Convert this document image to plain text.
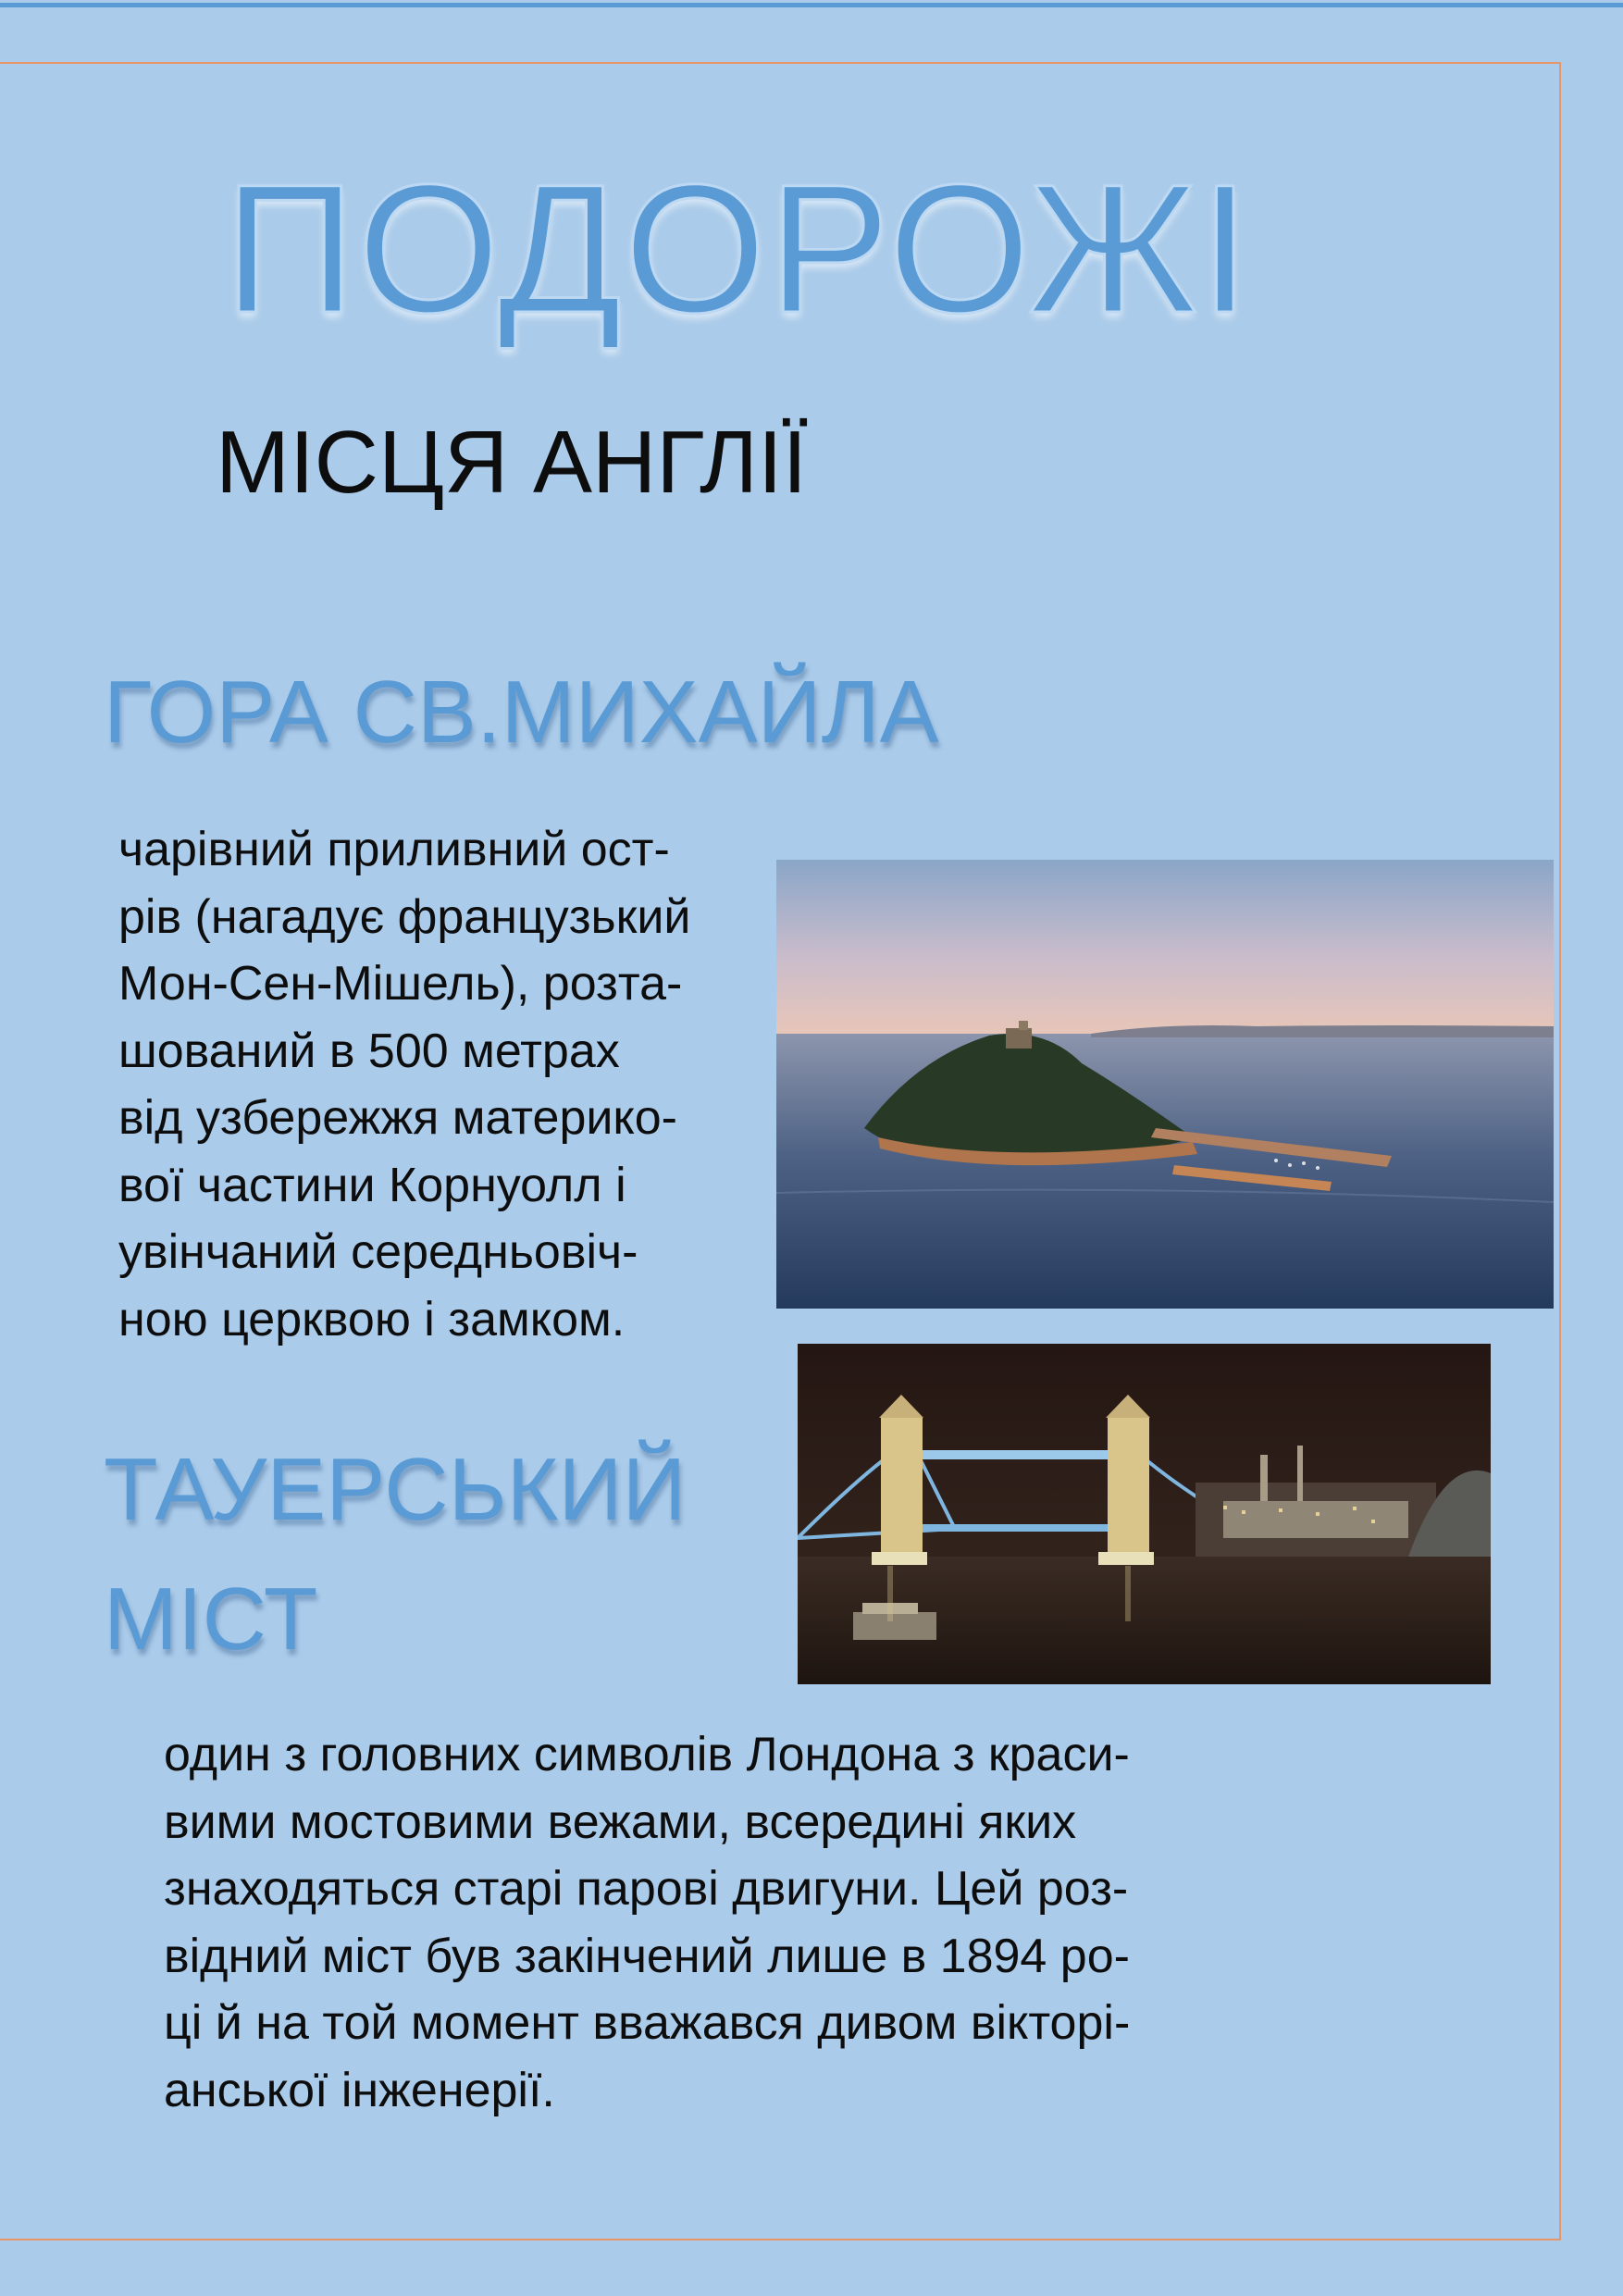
ПОДОРОЖІ
МІСЦЯ АНГЛІЇ
ГОРА СВ.МИХАЙЛА

чарівний приливний ост-
рів (нагадує французький
Мон-Сен-Мішель), розта-
шований в 500 метрах
від узбережжя материко-
вої частини Корнуолл і
увінчаний середньовіч-
ною церквою і замком.

ТАУЕРСЬКИЙ
МІСТ

один з головних символів Лондона з краси-
вими мостовими вежами, всередині яких
знаходяться старі парові двигуни. Цей роз-
відний міст був закінчений лише в 1894 ро-
ці й на той момент вважався дивом вікторі-
анської інженерії.
